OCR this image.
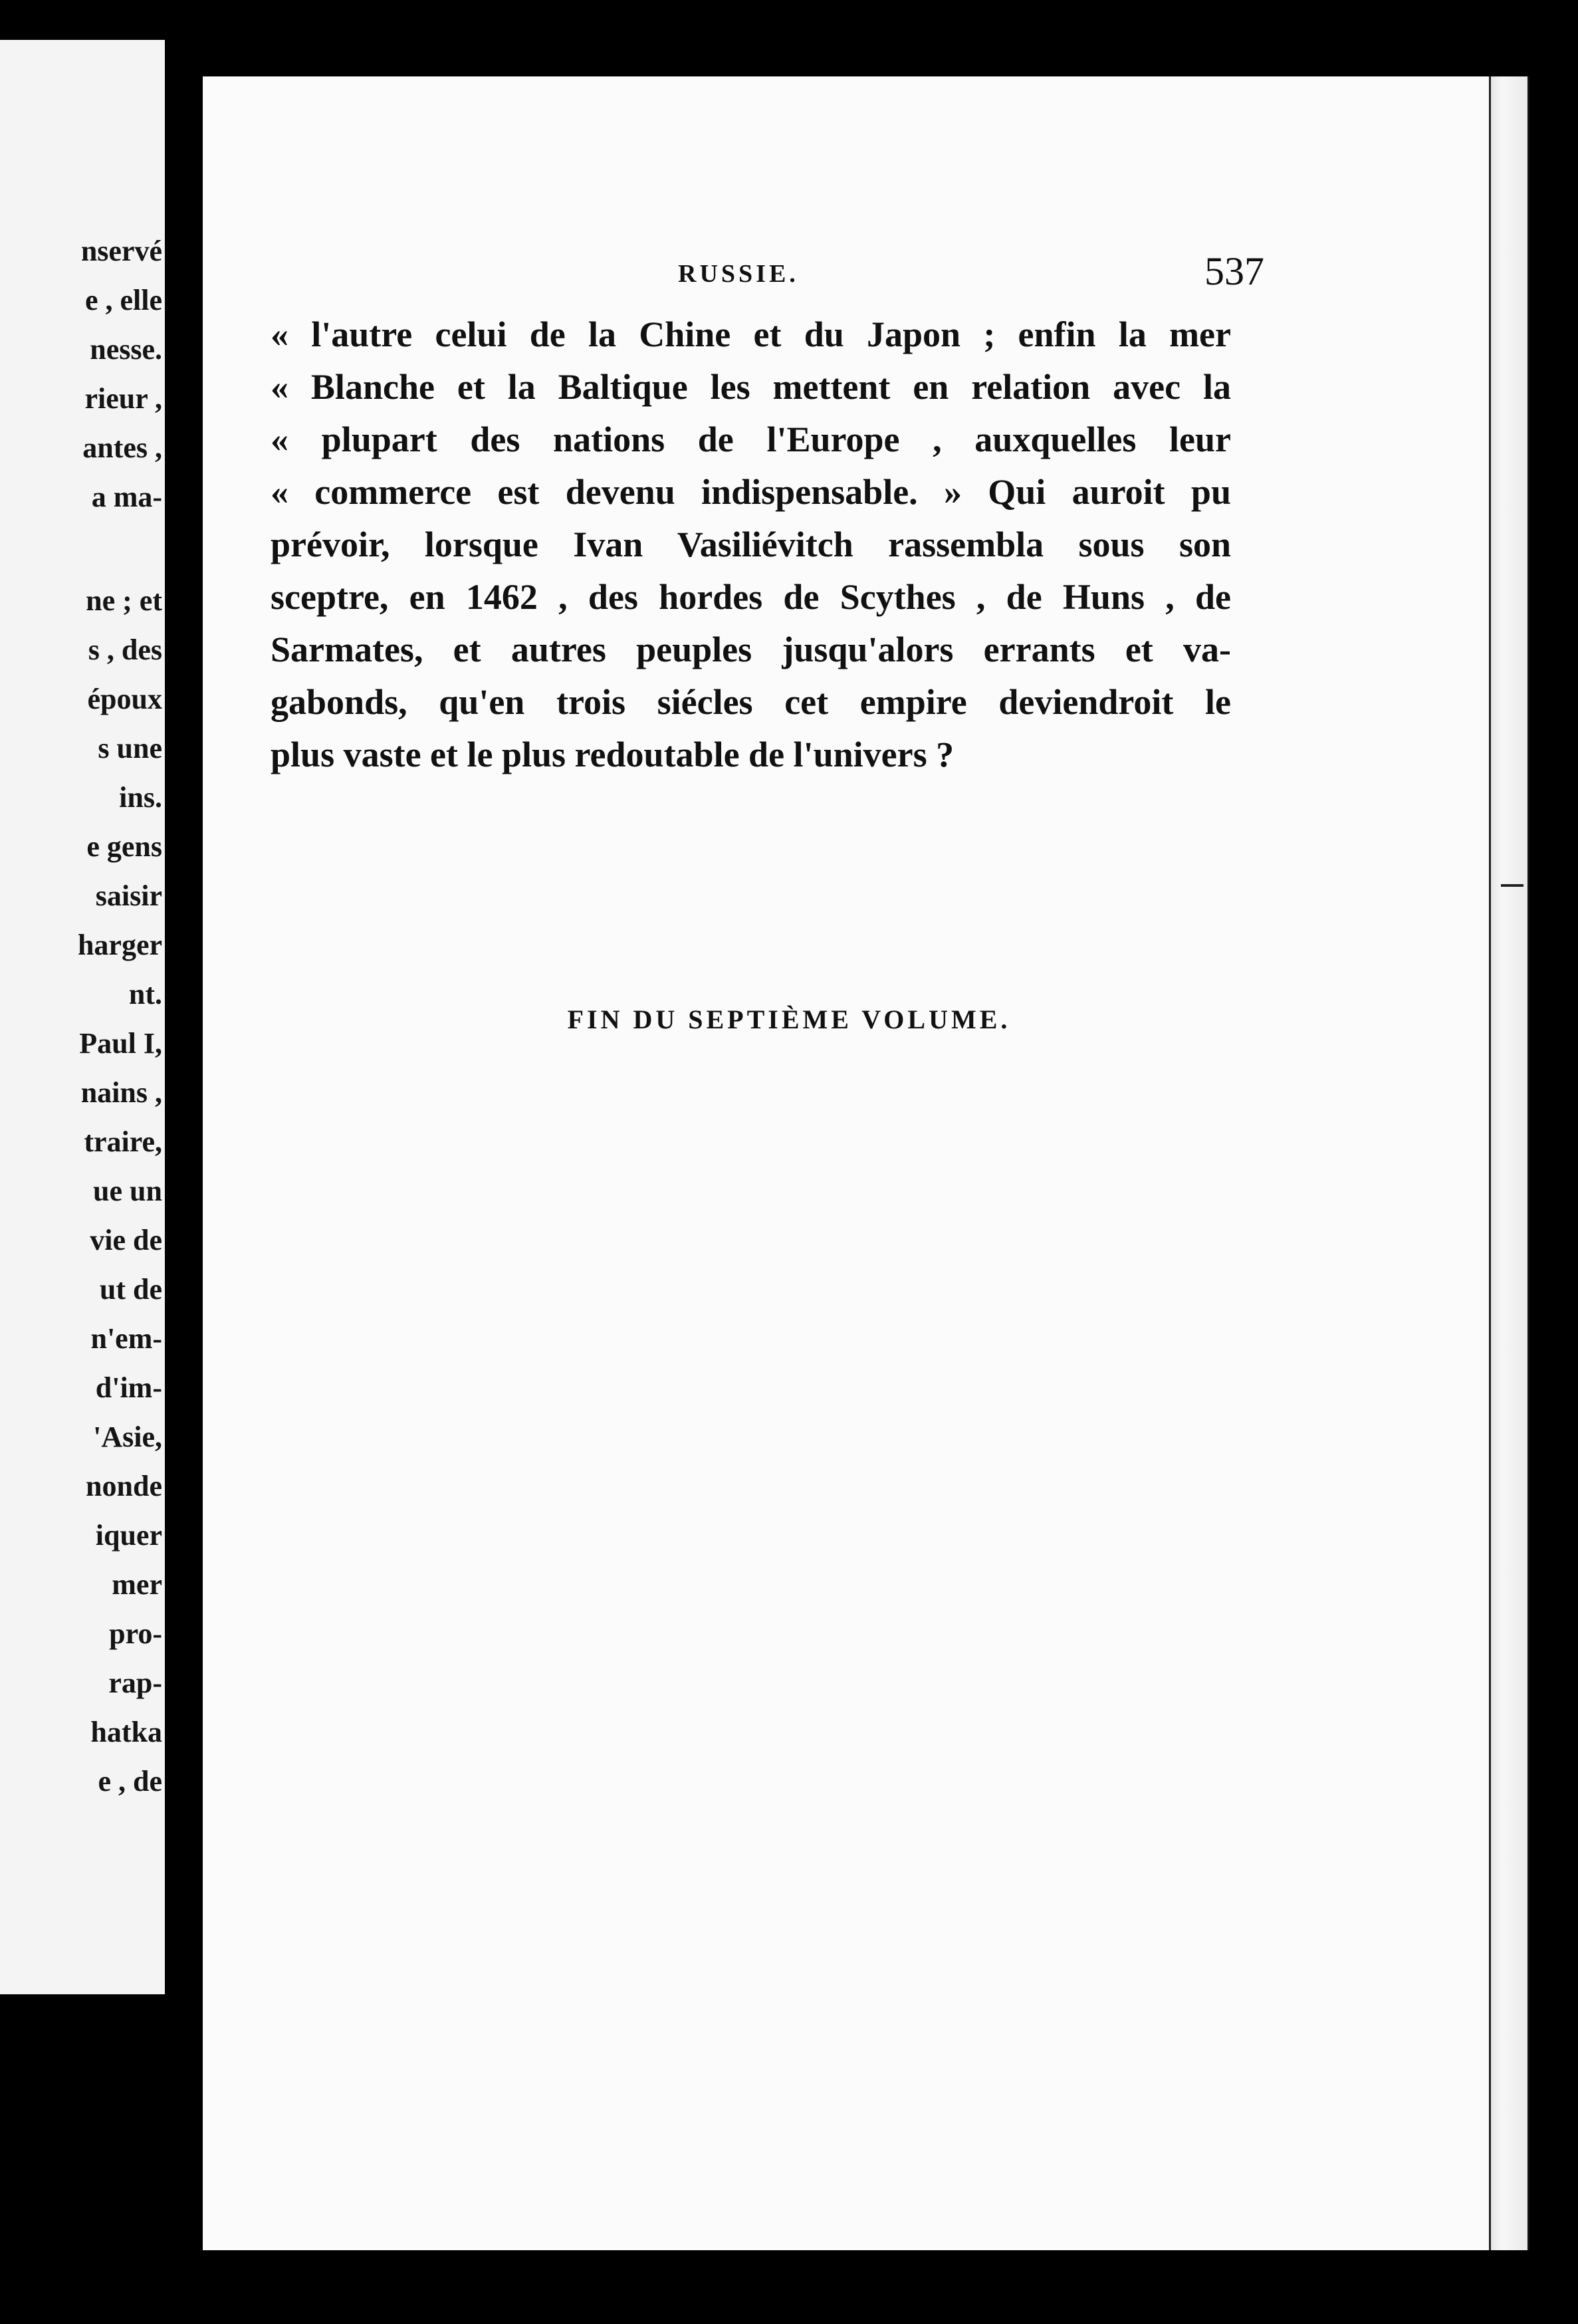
nservé
e , elle
nesse.
rieur ,
antes ,
a ma-
ne ; et
s , des
époux
s une
ins.
e gens
saisir
harger
nt.
Paul I,
nains ,
traire,
ue un
vie de
ut de
n'em-
d'im-
'Asie,
nonde
iquer
mer
pro-
rap-
hatka
e , de
RUSSIE.	537
« l'autre celui de la Chine et du Japon ; enfin la mer
« Blanche et la Baltique les mettent en relation avec la
« plupart des nations de l'Europe , auxquelles leur
« commerce est devenu indispensable. » Qui auroit pu
prévoir, lorsque Ivan Vasiliévitch rassembla sous son
sceptre, en 1462 , des hordes de Scythes , de Huns , de
Sarmates, et autres peuples jusqu'alors errants et va-
gabonds, qu'en trois siécles cet empire deviendroit le
plus vaste et le plus redoutable de l'univers ?
FIN DU SEPTIÈME VOLUME.
